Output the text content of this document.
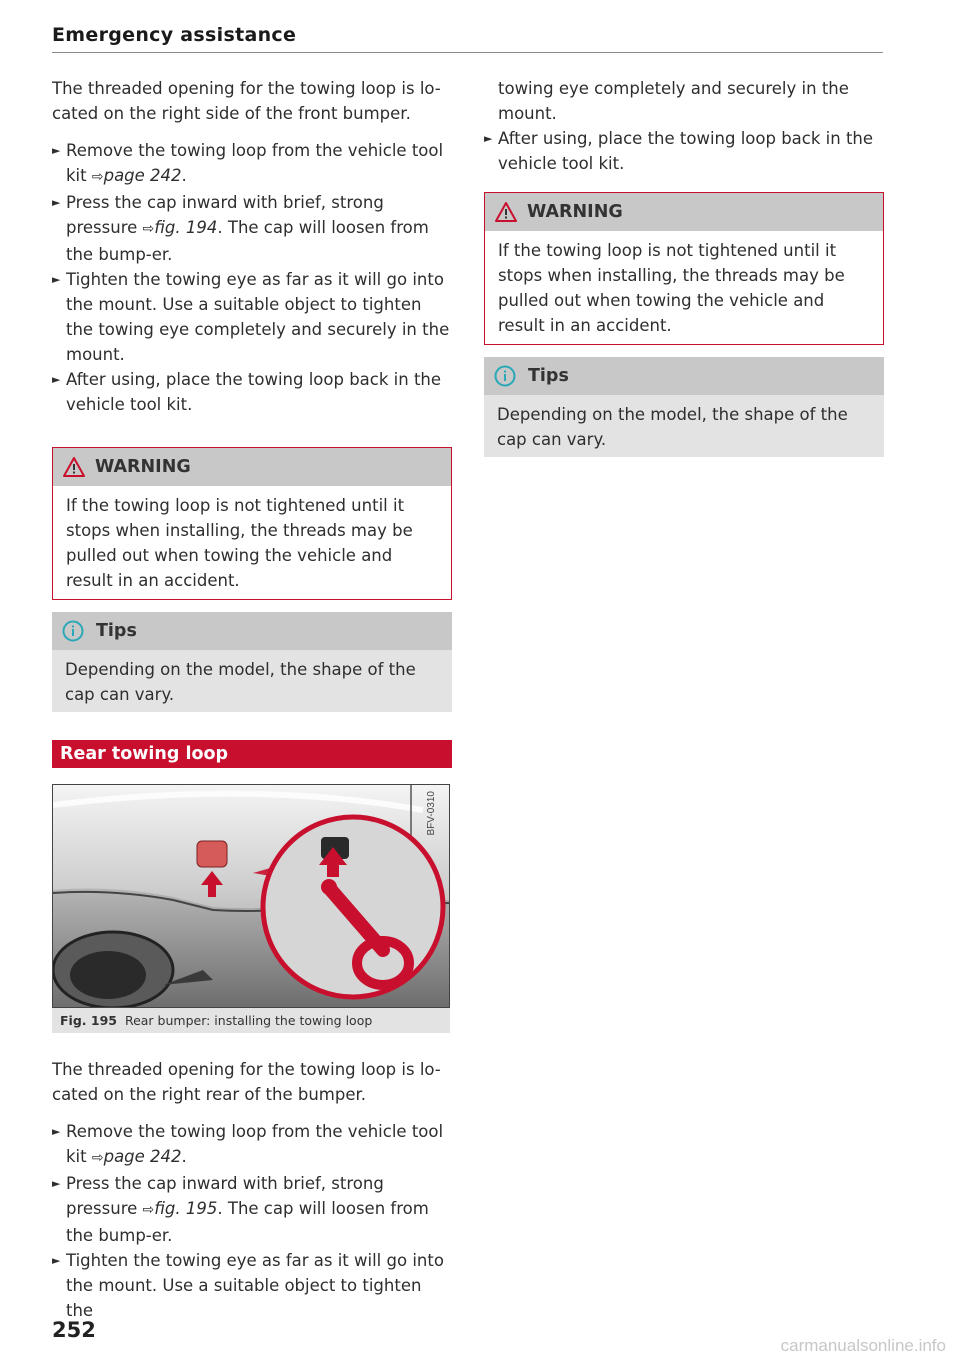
Emergency assistance

The threaded opening for the towing loop is lo-cated on the right side of the front bumper.

► Remove the towing loop from the vehicle tool kit ⇨page 242.
► Press the cap inward with brief, strong pressure ⇨fig. 194. The cap will loosen from the bump-er.
► Tighten the towing eye as far as it will go into the mount. Use a suitable object to tighten the towing eye completely and securely in the mount.
► After using, place the towing loop back in the vehicle tool kit.
WARNING
If the towing loop is not tightened until it stops when installing, the threads may be pulled out when towing the vehicle and result in an accident.
Tips
Depending on the model, the shape of the cap can vary.
Rear towing loop
BFV-0310
Fig. 195 Rear bumper: installing the towing loop

The threaded opening for the towing loop is lo-cated on the right rear of the bumper.

► Remove the towing loop from the vehicle tool kit ⇨page 242.
► Press the cap inward with brief, strong pressure ⇨fig. 195. The cap will loosen from the bump-er.
► Tighten the towing eye as far as it will go into the mount. Use a suitable object to tighten the

towing eye completely and securely in the mount.

► After using, place the towing loop back in the vehicle tool kit.
WARNING
If the towing loop is not tightened until it stops when installing, the threads may be pulled out when towing the vehicle and result in an accident.
Tips
Depending on the model, the shape of the cap can vary.
252
carmanualsonline.info
